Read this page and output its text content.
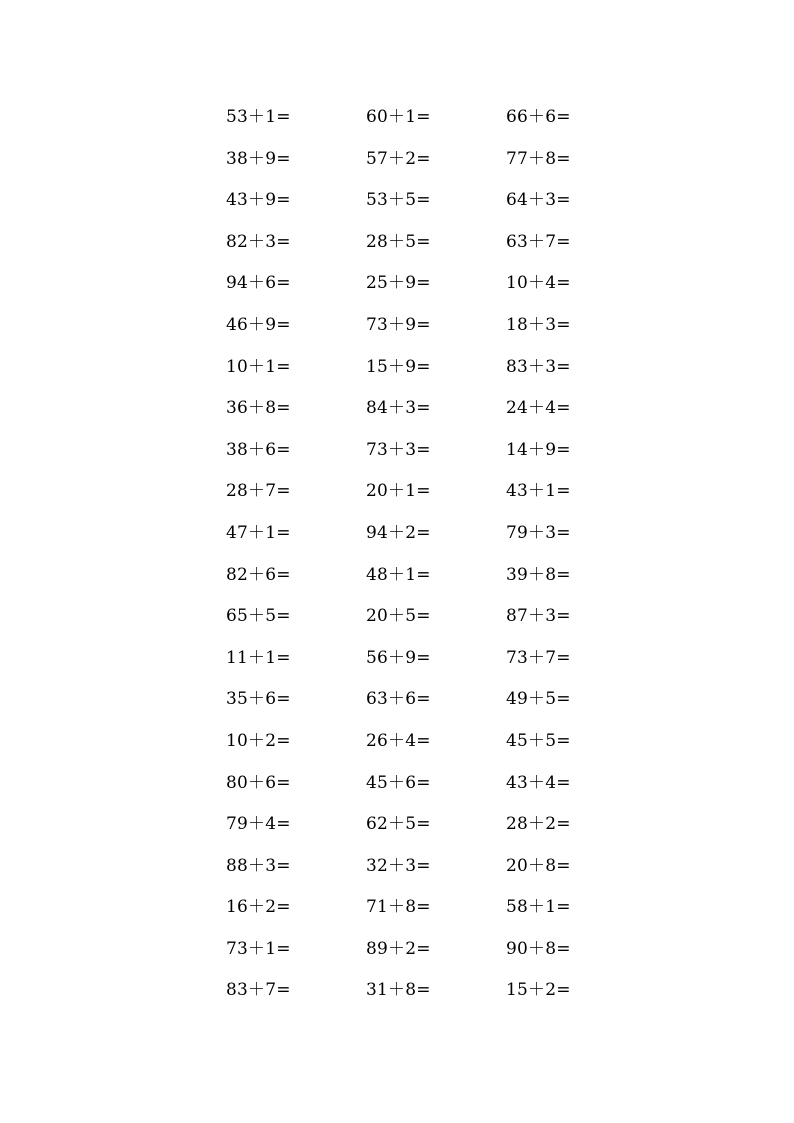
53＋1=	60＋1=	66＋6=
38＋9=	57＋2=	77＋8=
43＋9=	53＋5=	64＋3=
82＋3=	28＋5=	63＋7=
94＋6=	25＋9=	10＋4=
46＋9=	73＋9=	18＋3=
10＋1=	15＋9=	83＋3=
36＋8=	84＋3=	24＋4=
38＋6=	73＋3=	14＋9=
28＋7=	20＋1=	43＋1=
47＋1=	94＋2=	79＋3=
82＋6=	48＋1=	39＋8=
65＋5=	20＋5=	87＋3=
11＋1=	56＋9=	73＋7=
35＋6=	63＋6=	49＋5=
10＋2=	26＋4=	45＋5=
80＋6=	45＋6=	43＋4=
79＋4=	62＋5=	28＋2=
88＋3=	32＋3=	20＋8=
16＋2=	71＋8=	58＋1=
73＋1=	89＋2=	90＋8=
83＋7=	31＋8=	15＋2=
